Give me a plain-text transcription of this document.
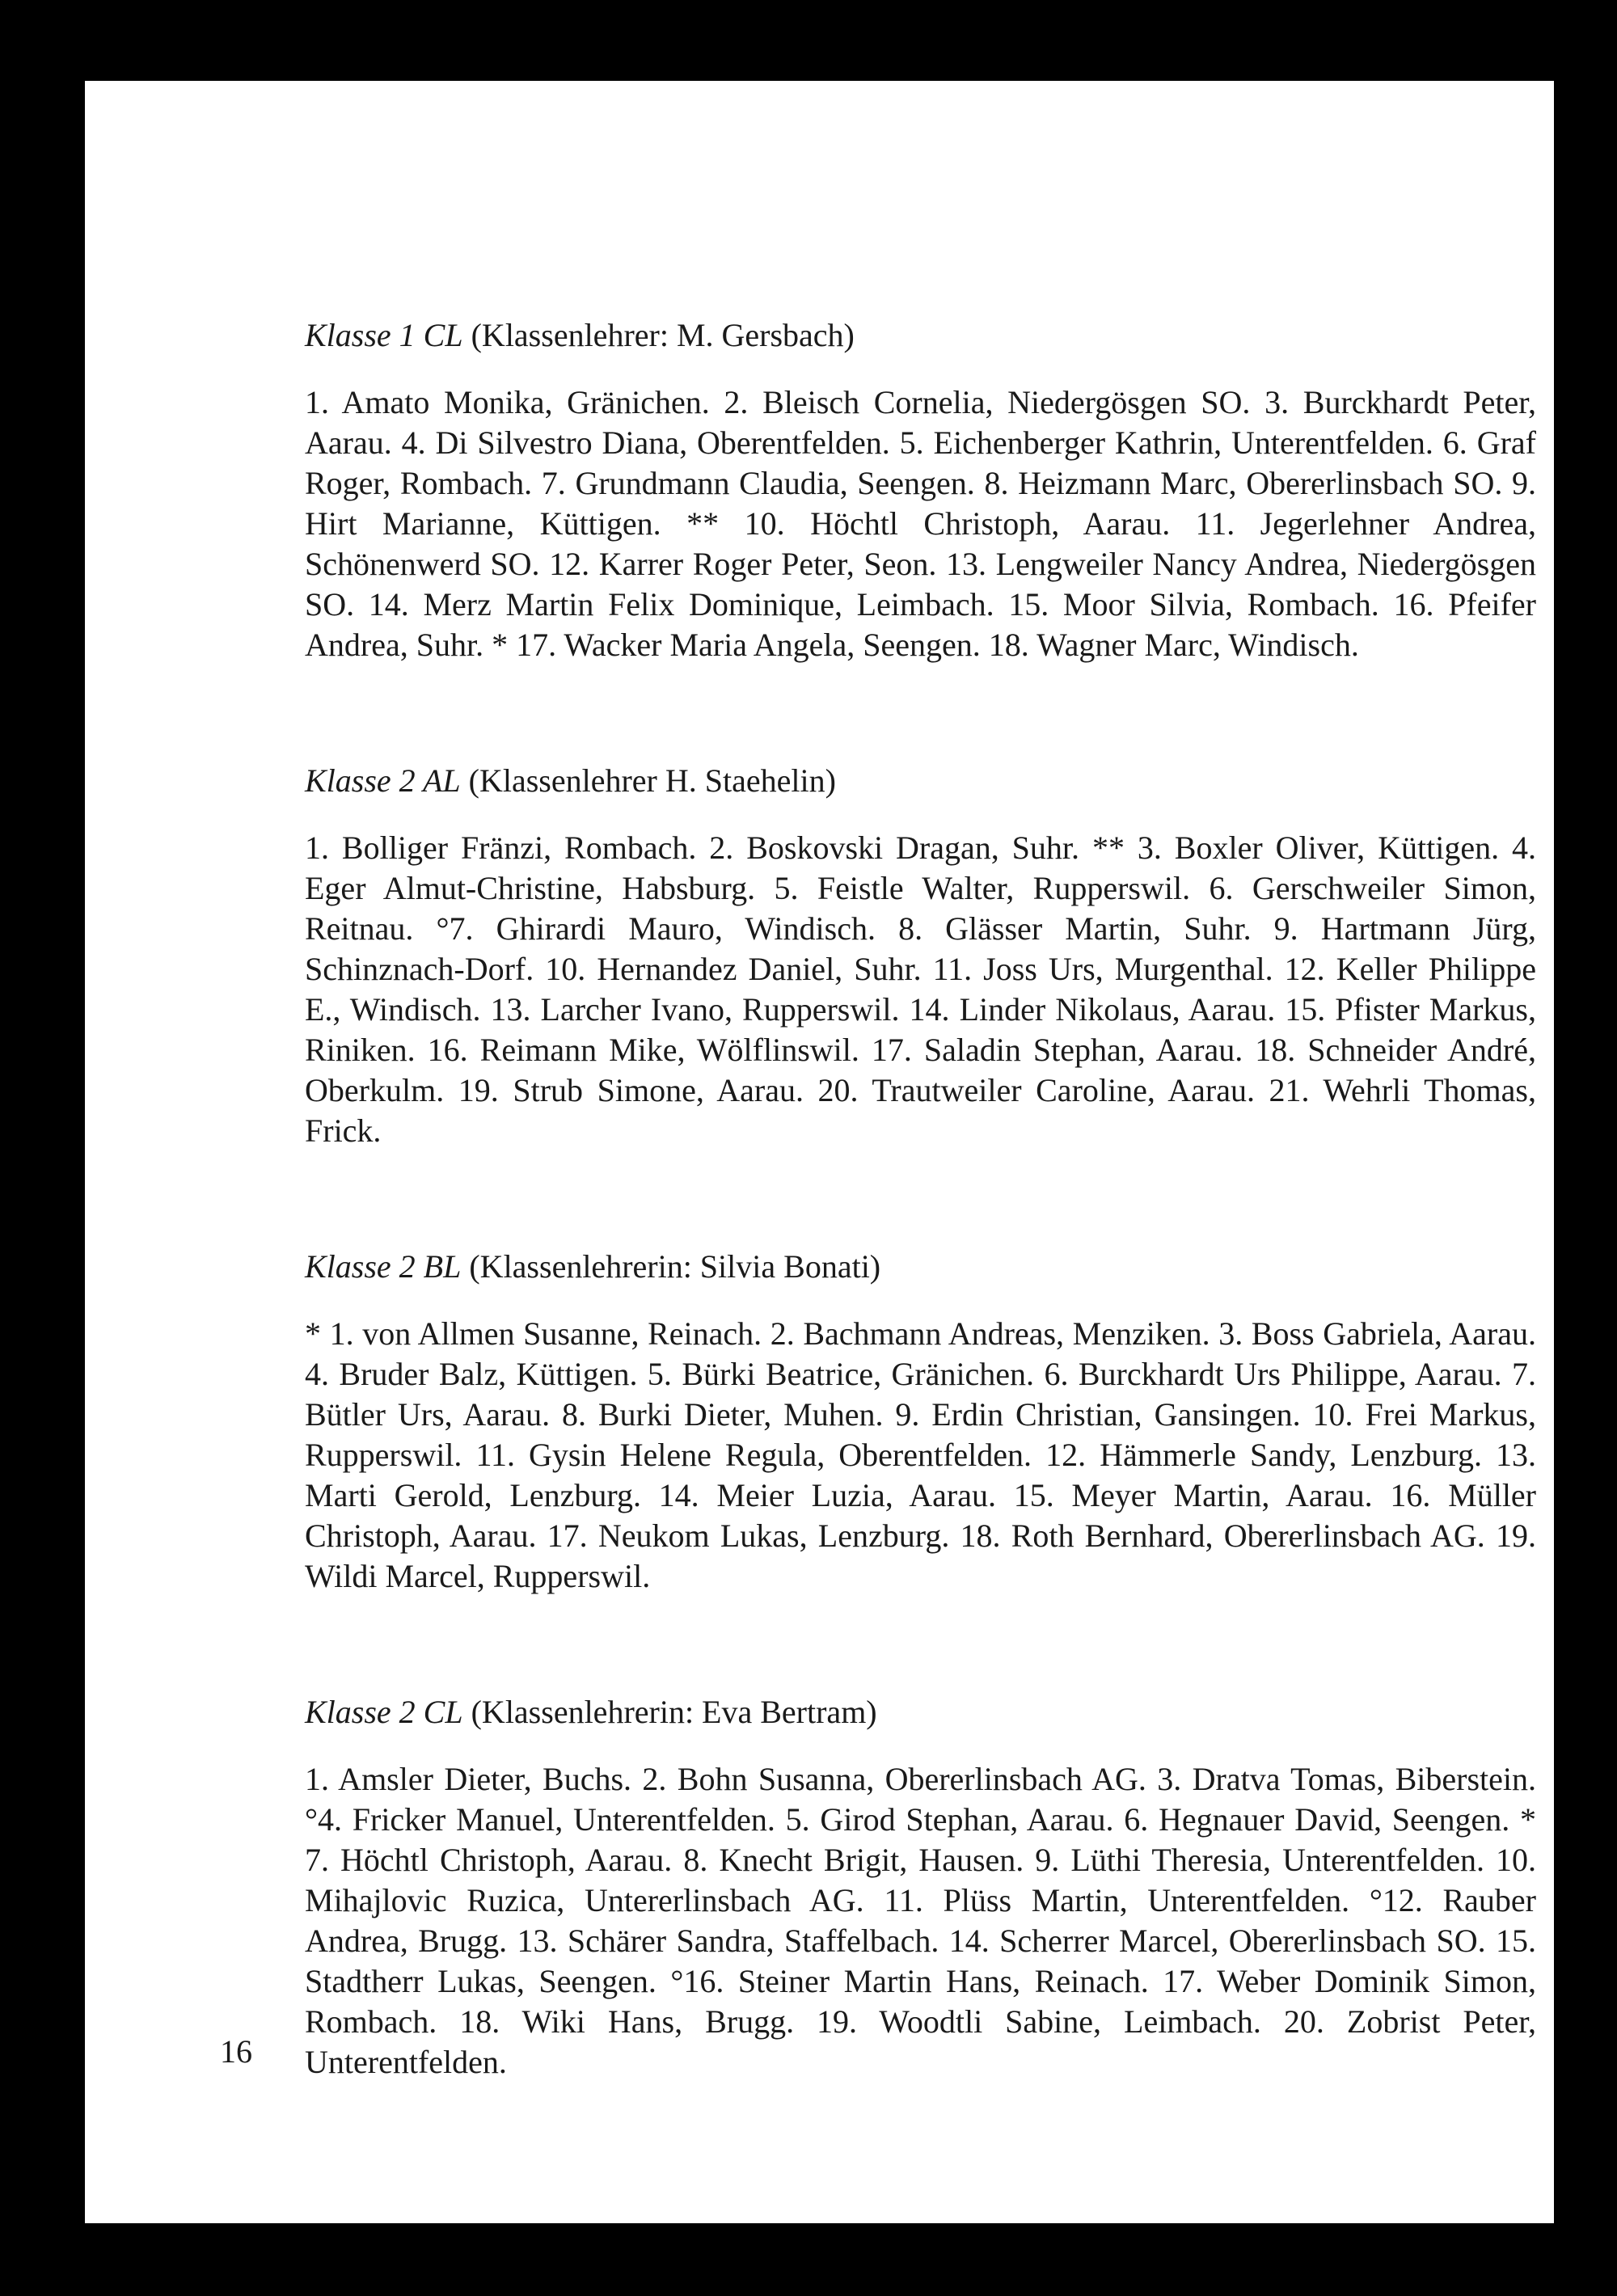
Klasse 1 CL (Klassenlehrer: M. Gersbach)

1. Amato Monika, Gränichen. 2. Bleisch Cornelia, Niedergösgen SO. 3. Burckhardt Peter, Aarau. 4. Di Silvestro Diana, Oberentfelden. 5. Eichenberger Kathrin, Unterentfelden. 6. Graf Roger, Rombach. 7. Grundmann Claudia, Seengen. 8. Heizmann Marc, Obererlinsbach SO. 9. Hirt Marianne, Küttigen. ** 10. Höchtl Christoph, Aarau. 11. Jegerlehner Andrea, Schönenwerd SO. 12. Karrer Roger Peter, Seon. 13. Lengweiler Nancy Andrea, Niedergösgen SO. 14. Merz Martin Felix Dominique, Leimbach. 15. Moor Silvia, Rombach. 16. Pfeifer Andrea, Suhr. * 17. Wacker Maria Angela, Seengen. 18. Wagner Marc, Windisch.

Klasse 2 AL (Klassenlehrer H. Staehelin)

1. Bolliger Fränzi, Rombach. 2. Boskovski Dragan, Suhr. ** 3. Boxler Oliver, Küttigen. 4. Eger Almut-Christine, Habsburg. 5. Feistle Walter, Rupperswil. 6. Gerschweiler Simon, Reitnau. °7. Ghirardi Mauro, Windisch. 8. Glässer Martin, Suhr. 9. Hartmann Jürg, Schinznach-Dorf. 10. Hernandez Daniel, Suhr. 11. Joss Urs, Murgenthal. 12. Keller Philippe E., Windisch. 13. Larcher Ivano, Rupperswil. 14. Linder Nikolaus, Aarau. 15. Pfister Markus, Riniken. 16. Reimann Mike, Wölflinswil. 17. Saladin Stephan, Aarau. 18. Schneider André, Oberkulm. 19. Strub Simone, Aarau. 20. Trautweiler Caroline, Aarau. 21. Wehrli Thomas, Frick.

Klasse 2 BL (Klassenlehrerin: Silvia Bonati)

* 1. von Allmen Susanne, Reinach. 2. Bachmann Andreas, Menziken. 3. Boss Gabriela, Aarau. 4. Bruder Balz, Küttigen. 5. Bürki Beatrice, Gränichen. 6. Burckhardt Urs Philippe, Aarau. 7. Bütler Urs, Aarau. 8. Burki Dieter, Muhen. 9. Erdin Christian, Gansingen. 10. Frei Markus, Rupperswil. 11. Gysin Helene Regula, Oberentfelden. 12. Hämmerle Sandy, Lenzburg. 13. Marti Gerold, Lenzburg. 14. Meier Luzia, Aarau. 15. Meyer Martin, Aarau. 16. Müller Christoph, Aarau. 17. Neukom Lukas, Lenzburg. 18. Roth Bernhard, Obererlinsbach AG. 19. Wildi Marcel, Rupperswil.

Klasse 2 CL (Klassenlehrerin: Eva Bertram)

1. Amsler Dieter, Buchs. 2. Bohn Susanna, Obererlinsbach AG. 3. Dratva Tomas, Biberstein. °4. Fricker Manuel, Unterentfelden. 5. Girod Stephan, Aarau. 6. Hegnauer David, Seengen. * 7. Höchtl Christoph, Aarau. 8. Knecht Brigit, Hausen. 9. Lüthi Theresia, Unterentfelden. 10. Mihajlovic Ruzica, Untererlinsbach AG. 11. Plüss Martin, Unterentfelden. °12. Rauber Andrea, Brugg. 13. Schärer Sandra, Staffelbach. 14. Scherrer Marcel, Obererlinsbach SO. 15. Stadtherr Lukas, Seengen. °16. Steiner Martin Hans, Reinach. 17. Weber Dominik Simon, Rombach. 18. Wiki Hans, Brugg. 19. Woodtli Sabine, Leimbach. 20. Zobrist Peter, Unterentfelden.

16
